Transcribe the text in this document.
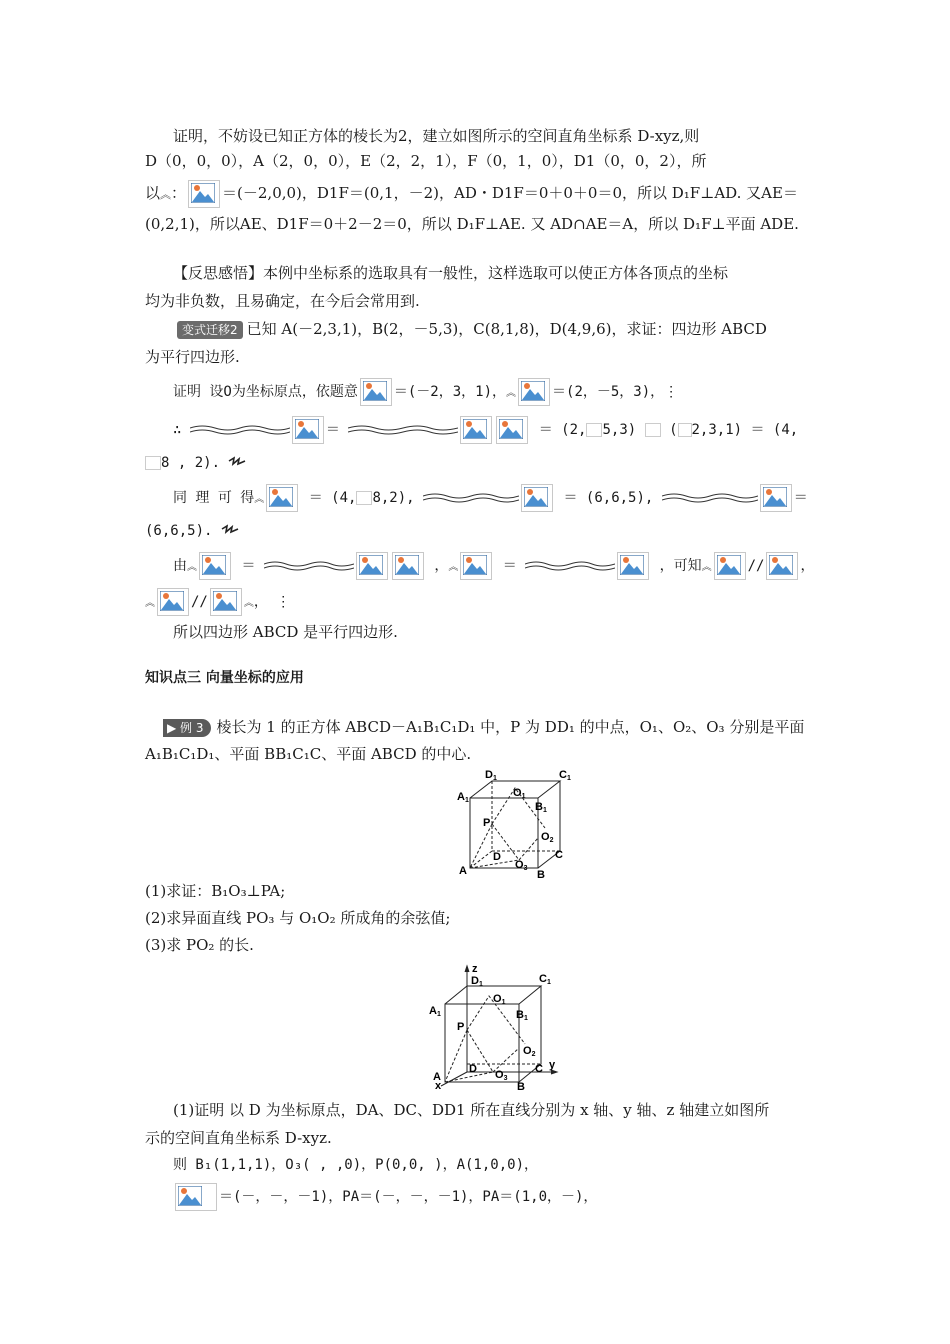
证明，不妨设已知正方体的棱长为2，建立如图所示的空间直角坐标系 D-xyz,则
D（0，0，0），A（2，0，0），E（2，2，1），F（0，1，0），D1（0，0，2），所
以︽： ＝(－2,0,0)，D1F＝(0,1，－2)，AD・D1F＝0＋0＋0＝0，所以 D₁F⊥AD. 又AE＝
(0,2,1)，所以AE、D1F＝0＋2－2＝0，所以 D₁F⊥AE. 又 AD∩AE＝A，所以 D₁F⊥平面 ADE.
【反思感悟】本例中坐标系的选取具有一般性，这样选取可以使正方体各顶点的坐标
均为非负数，且易确定，在今后会常用到.
变式迁移2 已知 A(－2,3,1)，B(2，－5,3)，C(8,1,8)，D(4,9,6)，求证：四边形 ABCD
为平行四边形.
证明 设O为坐标原点，依题意	＝(－2，3，1)，︽	＝(2，－5，3)，⋮
∴	＝	＝ (2, 5,3) ( 2,3,1) ＝ (4,
8 , 2).
同 理 可 得︽	＝ (4, 8,2),	＝ (6,6,5),	＝
(6,6,5).
由︽	＝	，︽	＝	，可知︽	//	，
︽	//	︽， ⋮
所以四边形 ABCD 是平行四边形.
知识点三 向量坐标的应用
▶ 例 3 棱长为 1 的正方体 ABCD－A₁B₁C₁D₁ 中，P 为 DD₁ 的中点，O₁、O₂、O₃ 分别是平面
A₁B₁C₁D₁、平面 BB₁C₁C、平面 ABCD 的中心.
D1	C1
A1
B1
O1
O2
O3
P
D
A	B
C
(1)求证：B₁O₃⊥PA;
(2)求异面直线 PO₃ 与 O₁O₂ 所成角的余弦值;
(3)求 PO₂ 的长.
z
x
y
D1	C1
A1	B1
O1
O2
O3
P
D
A
B
C
(1)证明 以 D 为坐标原点，DA、DC、DD1 所在直线分别为 x 轴、y 轴、z 轴建立如图所
示的空间直角坐标系 D-xyz.
则 B₁(1,1,1)，O₃( , ,0)，P(0,0, )，A(1,0,0)，
＝(－，－，－1)，PA＝(－，－，－1)，PA＝(1,0，－)，
